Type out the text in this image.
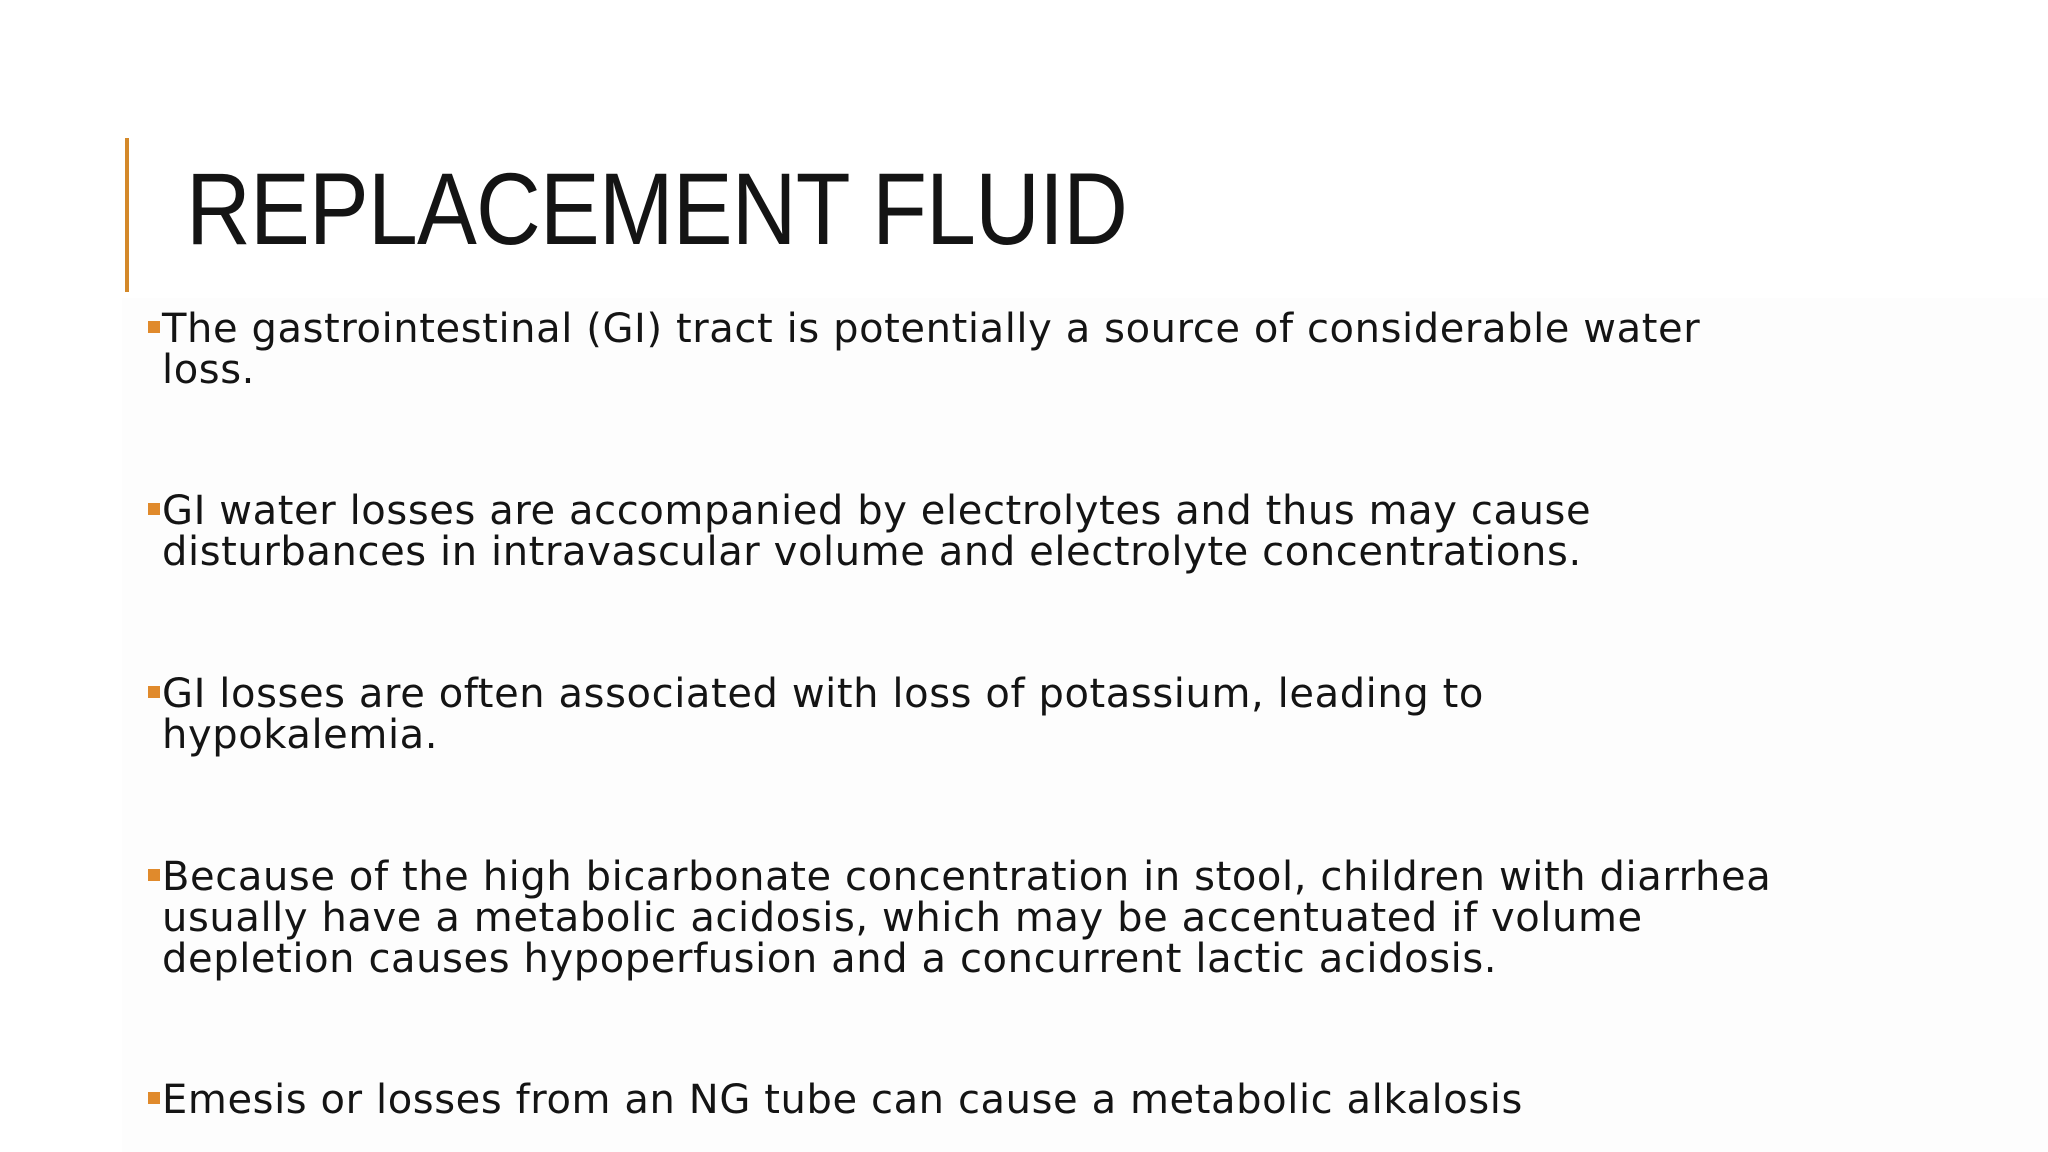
REPLACEMENT FLUID

The gastrointestinal (GI) tract is potentially a source of considerable water
loss.

GI water losses are accompanied by electrolytes and thus may cause
disturbances in intravascular volume and electrolyte concentrations.

GI losses are often associated with loss of potassium, leading to
hypokalemia.

Because of the high bicarbonate concentration in stool, children with diarrhea
usually have a metabolic acidosis, which may be accentuated if volume
depletion causes hypoperfusion and a concurrent lactic acidosis.

Emesis or losses from an NG tube can cause a metabolic alkalosis
